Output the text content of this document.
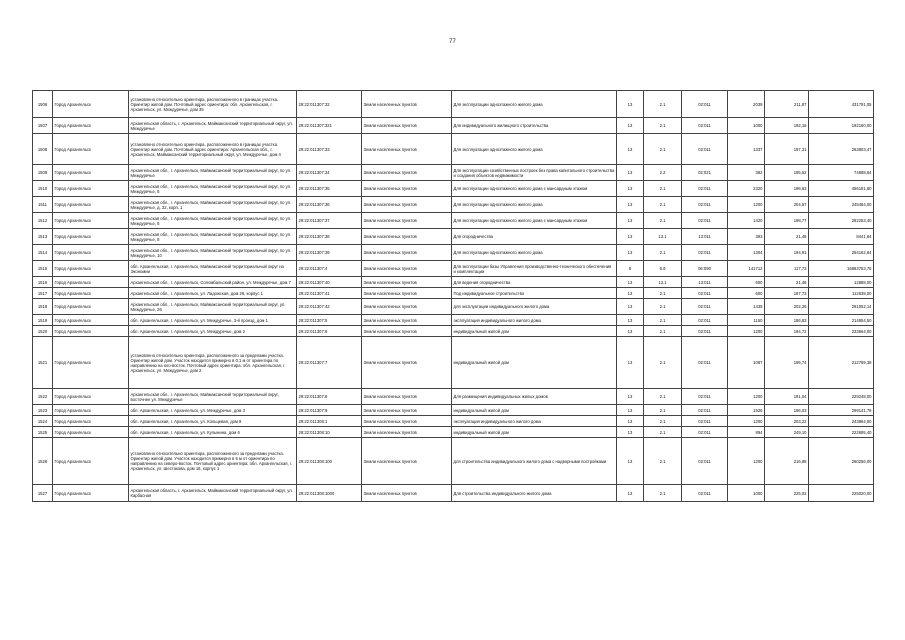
77
1506	Город Архангельск	установлено относительно ориентира, расположенного в границах участка. Ориентир жилой дом. Почтовый адрес ориентира: обл. Архангельская, г. Архангельск, ул. Междуречье, дом 35	29:22:011307:32	Земли населенных пунктов	Для эксплуатации одноэтажного жилого дома	13	2.1	02:011	2039	211,87	431791,05
1507	Город Архангельск	Архангельская область, г. Архангельск, Маймаксанский территориальный округ, ул. Междуречье	29:22:011307:321	Земли населенных пунктов	Для индивидуального жилищного строительства	13	2.1	02:011	1000	192,16	192160,00
1508	Город Архангельск	установлено относительно ориентира, расположенного в границах участка. Ориентир жилой дом. Почтовый адрес ориентира: Архангельская обл., г. Архангельск, Маймаксанский территориальный округ, ул. Междуречье, дом 4	29:22:011307:33	Земли населенных пунктов	Для эксплуатации одноэтажного жилого дома	13	2.1	02:011	1337	197,31	263803,47
1509	Город Архангельск	Архангельская обл., г. Архангельск, Маймаксанский территориальный округ, по ул. Междуречье	29:22:011307:34	Земли населенных пунктов	Для эксплуатации хозяйственных построек без права капитального строительства и создания объектов недвижимости	13	2.2	02:021	382	195,52	74688,64
1510	Город Архангельск	Архангельская обл., г. Архангельск, Маймаксанский территориальный округ, по ул. Междуречье, 6	29:22:011307:35	Земли населенных пунктов	Для эксплуатации одноэтажного жилого дома с мансардным этажом	13	2.1	02:011	2320	196,63	456181,60
1511	Город Архангельск	Архангельская обл., г. Архангельск, Маймаксанский территориальный округ, по ул. Междуречье, д. 32, корп. 1	29:22:011307:36	Земли населенных пунктов	Для эксплуатации одноэтажного жилого дома	13	2.1	02:011	1200	204,57	245484,00
1512	Город Архангельск	Архангельская обл., г. Архангельск, Маймаксанский территориальный округ, по ул. Междуречье, 6	29:22:011307:37	Земли населенных пунктов	Для эксплуатации одноэтажного жилого дома с мансардным этажом	13	2.1	02:011	1420	198,77	282253,40
1513	Город Архангельск	Архангельская обл., г. Архангельск, Маймаксанский территориальный округ, по ул. Междуречье, 8	29:22:011307:38	Земли населенных пунктов	Для огородничества	13	13.1	13:011	393	21,48	8441,64
1514	Город Архангельск	Архангельская обл., г. Архангельск, Маймаксанский территориальный округ, по ул. Междуречье, 10	29:22:011307:39	Земли населенных пунктов	Для эксплуатации одноэтажного жилого дома	13	2.1	02:011	1304	194,91	254162,64
1515	Город Архангельск	обл. Архангельская, г. Архангельск, Маймаксанский территориальный округ на Экономии	29:22:011307:4	Земли населенных пунктов	Для эксплуатации базы Управления производственно-технического обеспечения и комплектации	6	6.9	06:090	141712	117,73	16683753,76
1516	Город Архангельск	Архангельская обл., г. Архангельск, Соломбальский район, ул. Междуречье, дом 7	29:22:011307:40	Земли населенных пунктов	Для ведения огородничества	13	13.1	13:011	600	21,48	12888,00
1517	Город Архангельск	Архангельская обл., г. Архангельск, ул. Ладожская, дом 26, корпус 1	29:22:011307:41	Земли населенных пунктов	Под индивидуальное строительство	13	2.1	02:011	600	187,73	112638,00
1518	Город Архангельск	Архангельская обл., г. Архангельск, Маймаксанский территориальный округ, ул. Междуречье, 26	29:22:011307:42	Земли населенных пунктов	для эксплуатации индивидуального жилого дома	13	2.1	02:011	1439	202,26	291052,14
1519	Город Архангельск	обл. Архангельская, г. Архангельск, ул. Междуречье, 3-й проезд, дом 1	29:22:011307:5	Земли населенных пунктов	эксплуатация индивидуального жилого дома	13	2.1	02:011	1150	186,83	214854,50
1520	Город Архангельск	обл. Архангельская, г. Архангельск, ул. Междуречье, дом 2	29:22:011307:6	Земли населенных пунктов	индивидуальный жилой дом	13	2.1	02:011	1200	194,72	233664,00
1521	Город Архангельск	установлено относительно ориентира, расположенного за пределами участка. Ориентир жилой дом. Участок находится примерно в 0,1 м от ориентира по направлению на юго-восток. Почтовый адрес ориентира: обл. Архангельская, г. Архангельск, ул. Междуречье, дом 2	29:22:011307:7	Земли населенных пунктов	индивидуальный жилой дом	13	2.1	02:011	1087	195,74	212769,38
1522	Город Архангельск	Архангельская обл., г. Архангельск, Маймаксанский территориальный округ, восточнее ул. Междуречье	29:22:011307:8	Земли населенных пунктов	Для размещения индивидуальных жилых домов	13	2.1	02:011	1200	191,04	229248,00
1523	Город Архангельск	обл. Архангельская, г. Архангельск, ул. Междуречье, дом 3	29:22:011307:9	Земли населенных пунктов	индивидуальный жилой дом	13	2.1	02:011	1526	196,03	299141,78
1524	Город Архангельск	обл. Архангельская, г. Архангельск, ул. Кольцевая, дом 9	29:22:011308:1	Земли населенных пунктов	эксплуатация индивидуального жилого дома	13	2.1	02:011	1200	203,22	243864,00
1525	Город Архангельск	обл. Архангельская, г. Архангельск, ул. Кулынина, дом 6	29:22:011308:10	Земли населенных пунктов	индивидуальный жилой дом	13	2.1	02:011	894	249,10	222695,40
1526	Город Архангельск	установлено относительно ориентира, расположенного за пределами участка. Ориентир жилой дом. Участок находится примерно в 5 м от ориентира по направлению на северо-восток. Почтовый адрес ориентира: обл. Архангельская, г. Архангельск, ул. Шестакова, дом 16, корпус 1	29:22:011308:100	Земли населенных пунктов	для строительства индивидуального жилого дома с надворными постройками	13	2.1	02:011	1200	216,88	260256,00
1527	Город Архангельск	Архангельская область, г. Архангельск, Маймаксанский территориальный округ, ул. Карбасная	29:22:011308:1000	Земли населенных пунктов	Для строительства индивидуального жилого дома	13	2.1	02:011	1000	225,02	225020,00
